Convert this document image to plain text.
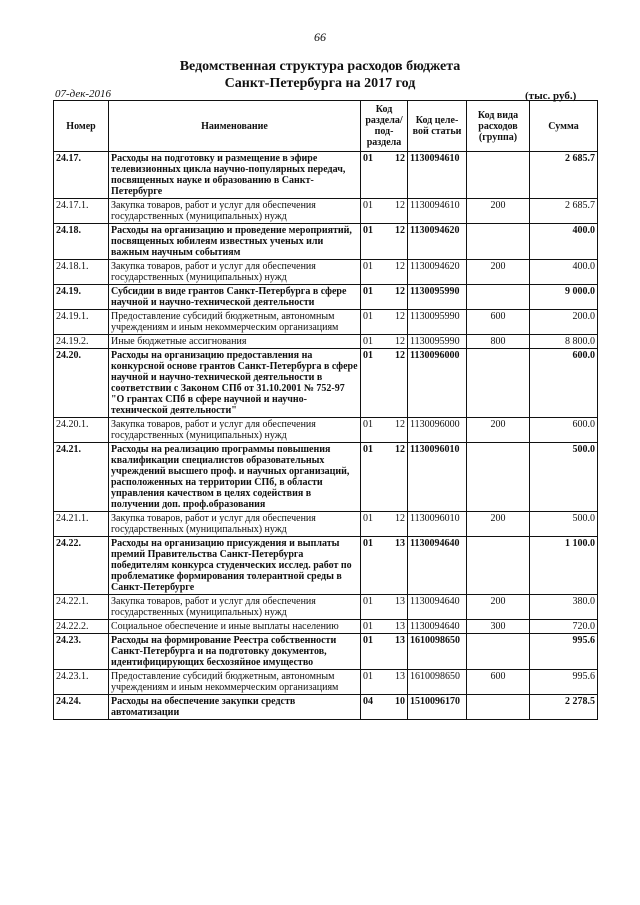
66
Ведомственная структура расходов бюджета
Санкт-Петербурга на 2017 год
07-дек-2016	(тыс. руб.)
Номер	Наименование	Код раздела/ под-раздела	Код целе-вой статьи	Код вида расходов (группа)	Сумма
24.17.	Расходы на подготовку и размещение в эфире телевизионных цикла научно-популярных передач, посвященных науке и образованию в Санкт-Петербурге	01 12	1130094610		2 685.7
24.17.1.	Закупка товаров, работ и услуг для обеспечения государственных (муниципальных) нужд	01 12	1130094610	200	2 685.7
24.18.	Расходы на организацию и проведение мероприятий, посвященных юбилеям известных ученых или важным научным событиям	01 12	1130094620		400.0
24.18.1.	Закупка товаров, работ и услуг для обеспечения государственных (муниципальных) нужд	01 12	1130094620	200	400.0
24.19.	Субсидии в виде грантов Санкт-Петербурга в сфере научной и научно-технической деятельности	01 12	1130095990		9 000.0
24.19.1.	Предоставление субсидий бюджетным, автономным учреждениям и иным некоммерческим организациям	01 12	1130095990	600	200.0
24.19.2.	Иные бюджетные ассигнования	01 12	1130095990	800	8 800.0
24.20.	Расходы на организацию предоставления на конкурсной основе грантов Санкт-Петербурга в сфере научной и научно-технической деятельности в соответствии с Законом СПб от 31.10.2001 № 752-97 "О грантах СПб в сфере научной и научно-технической деятельности"	01 12	1130096000		600.0
24.20.1.	Закупка товаров, работ и услуг для обеспечения государственных (муниципальных) нужд	01 12	1130096000	200	600.0
24.21.	Расходы на реализацию программы повышения квалификации специалистов образовательных учреждений высшего проф. и научных организаций, расположенных на территории СПб, в области управления качеством в целях содействия в получении доп. проф.образования	01 12	1130096010		500.0
24.21.1.	Закупка товаров, работ и услуг для обеспечения государственных (муниципальных) нужд	01 12	1130096010	200	500.0
24.22.	Расходы на организацию присуждения и выплаты премий Правительства Санкт-Петербурга победителям конкурса студенческих исслед. работ по проблематике формирования толерантной среды в Санкт-Петербурге	01 13	1130094640		1 100.0
24.22.1.	Закупка товаров, работ и услуг для обеспечения государственных (муниципальных) нужд	01 13	1130094640	200	380.0
24.22.2.	Социальное обеспечение и иные выплаты населению	01 13	1130094640	300	720.0
24.23.	Расходы на формирование Реестра собственности Санкт-Петербурга и на подготовку документов, идентифицирующих бесхозяйное имущество	01 13	1610098650		995.6
24.23.1.	Предоставление субсидий бюджетным, автономным учреждениям и иным некоммерческим организациям	01 13	1610098650	600	995.6
24.24.	Расходы на обеспечение закупки средств автоматизации	04 10	1510096170		2 278.5
